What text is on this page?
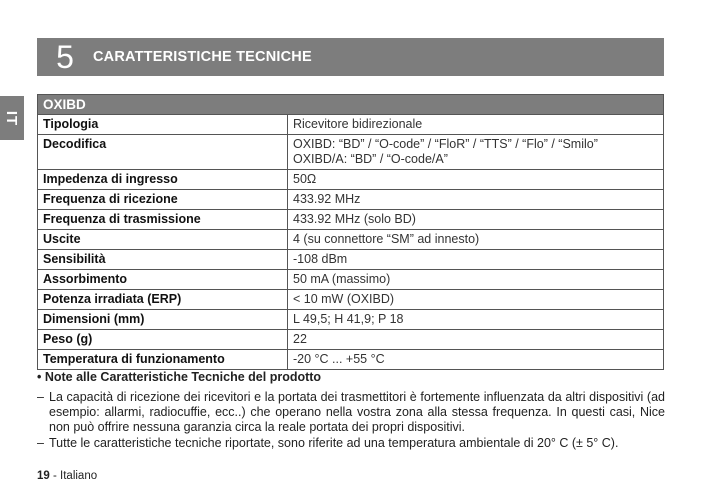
IT
5	CARATTERISTICHE TECNICHE
OXIBD	
Tipologia	Ricevitore bidirezionale

Decodifica	OXIBD: “BD” / “O-code” / “FloR” / “TTS” / “Flo” / “Smilo”
OXIBD/A: “BD” / “O-code/A”

Impedenza di ingresso	50Ω

Frequenza di ricezione	433.92 MHz

Frequenza di trasmissione	433.92 MHz (solo BD)

Uscite	4 (su connettore “SM” ad innesto)

Sensibilità	-108 dBm

Assorbimento	50 mA (massimo)

Potenza irradiata (ERP)	< 10 mW (OXIBD)

Dimensioni (mm)	L 49,5; H 41,9; P 18

Peso (g)	22

Temperatura di funzionamento	-20 °C ... +55 °C
• Note alle Caratteristiche Tecniche del prodotto
– La capacità di ricezione dei ricevitori e la portata dei trasmettitori è fortemente influenzata da altri dispositivi (ad esempio: allarmi, radiocuffie, ecc..) che operano nella vostra zona alla stessa frequenza. In questi casi, Nice non può offrire nessuna garanzia circa la reale portata dei propri dispositivi.
– Tutte le caratteristiche tecniche riportate, sono riferite ad una temperatura ambientale di 20° C (± 5° C).
19 - Italiano
